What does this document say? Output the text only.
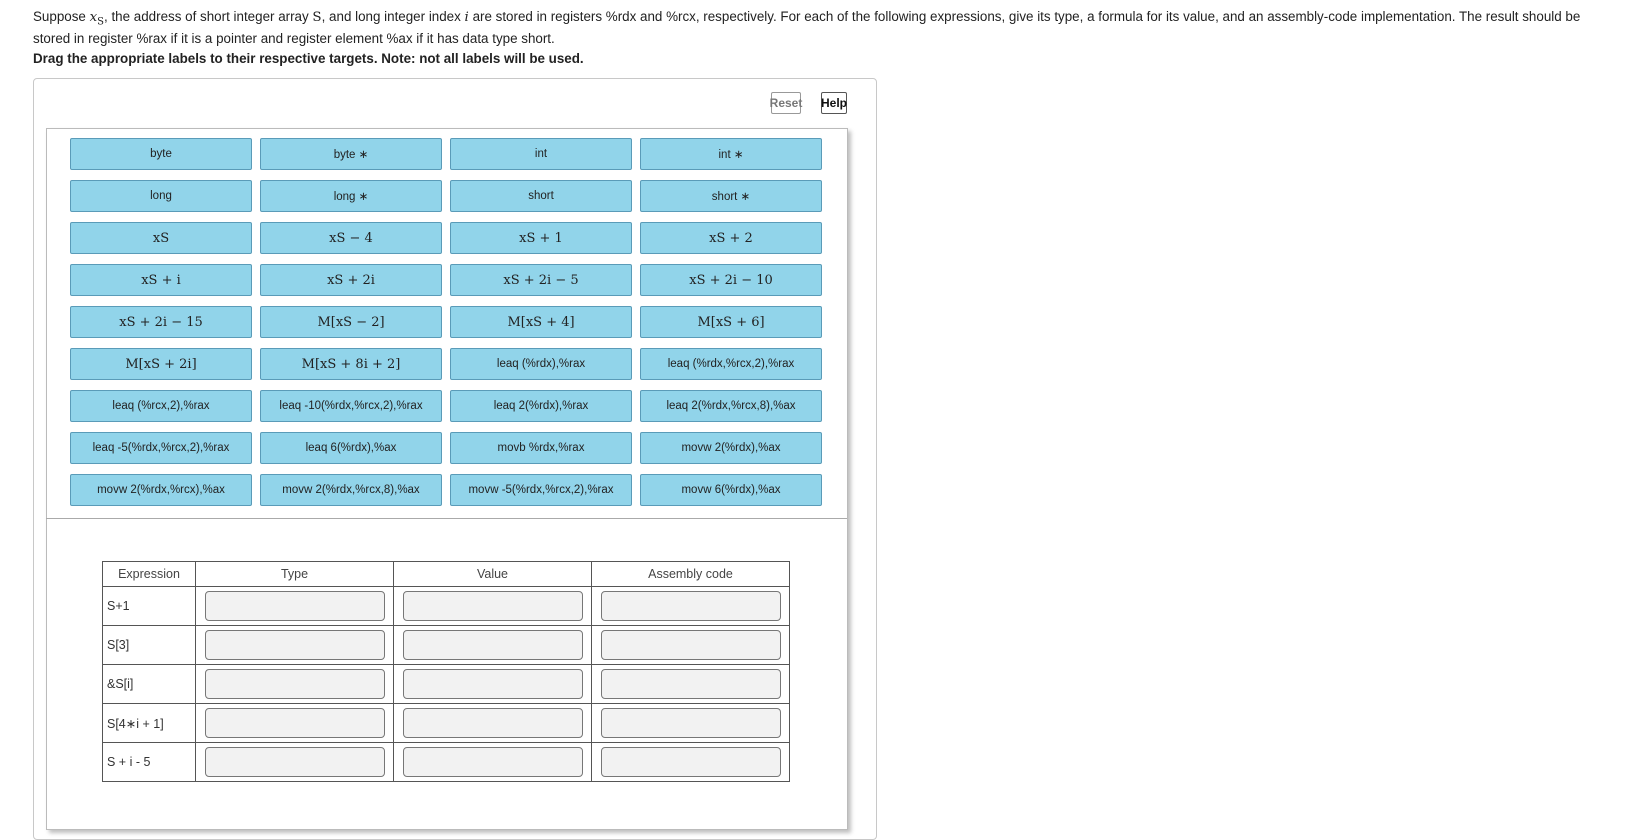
Suppose $x_S$, the address of short integer array S, and long integer index i are stored in registers %rdx and %rcx, respectively. For each of the following expressions, give its type, a formula for its value, and an assembly-code implementation. The result should be stored in register %rax if it is a pointer and register element %ax if it has data type short.
Drag the appropriate labels to their respective targets. Note: not all labels will be used.
Reset Help
byte	byte ∗	int	int ∗
long	long ∗	short	short ∗
xS	xS − 4	xS + 1	xS + 2
xS + i	xS + 2i	xS + 2i − 5	xS + 2i − 10
xS + 2i − 15	M[xS − 2]	M[xS + 4]	M[xS + 6]
M[xS + 2i]	M[xS + 8i + 2]	leaq (%rdx),%rax	leaq (%rdx,%rcx,2),%rax
leaq (%rcx,2),%rax	leaq -10(%rdx,%rcx,2),%rax	leaq 2(%rdx),%rax	leaq 2(%rdx,%rcx,8),%ax
leaq -5(%rdx,%rcx,2),%rax	leaq 6(%rdx),%ax	movb %rdx,%rax	movw 2(%rdx),%ax
movw 2(%rdx,%rcx),%ax	movw 2(%rdx,%rcx,8),%ax	movw -5(%rdx,%rcx,2),%rax	movw 6(%rdx),%ax
Expression	Type	Value	Assembly code
S+1	

S[3]	

&S[i]	

S[4∗i + 1]	

S + i - 5	
